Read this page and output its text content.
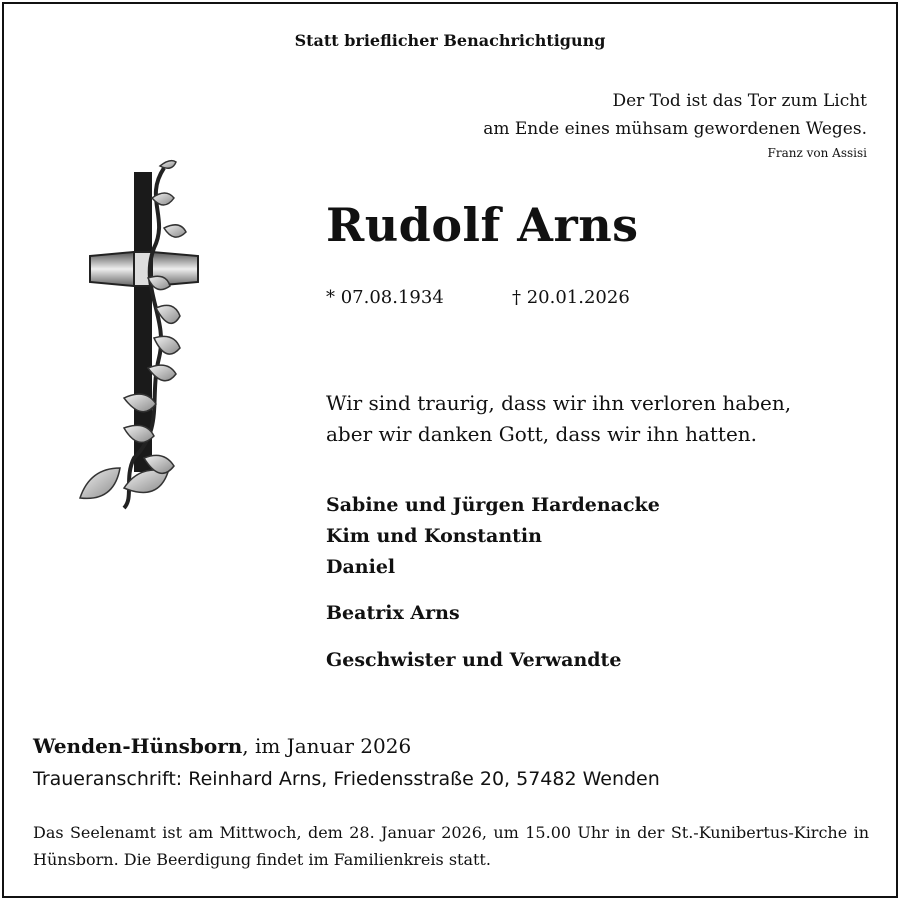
Statt brieflicher Benachrichtigung
Der Tod ist das Tor zum Licht
am Ende eines mühsam gewordenen Weges.
Franz von Assisi
Rudolf Arns
* 07.08.1934	† 20.01.2026
Wir sind traurig, dass wir ihn verloren haben,
aber wir danken Gott, dass wir ihn hatten.
Sabine und Jürgen Hardenacke
Kim und Konstantin
Daniel
Beatrix Arns
Geschwister und Verwandte
Wenden-Hünsborn, im Januar 2026
Traueranschrift: Reinhard Arns, Friedensstraße 20, 57482 Wenden
Das Seelenamt ist am Mittwoch, dem 28. Januar 2026, um 15.00 Uhr in der St.-Kunibertus-Kirche in Hünsborn. Die Beerdigung findet im Familienkreis statt.
